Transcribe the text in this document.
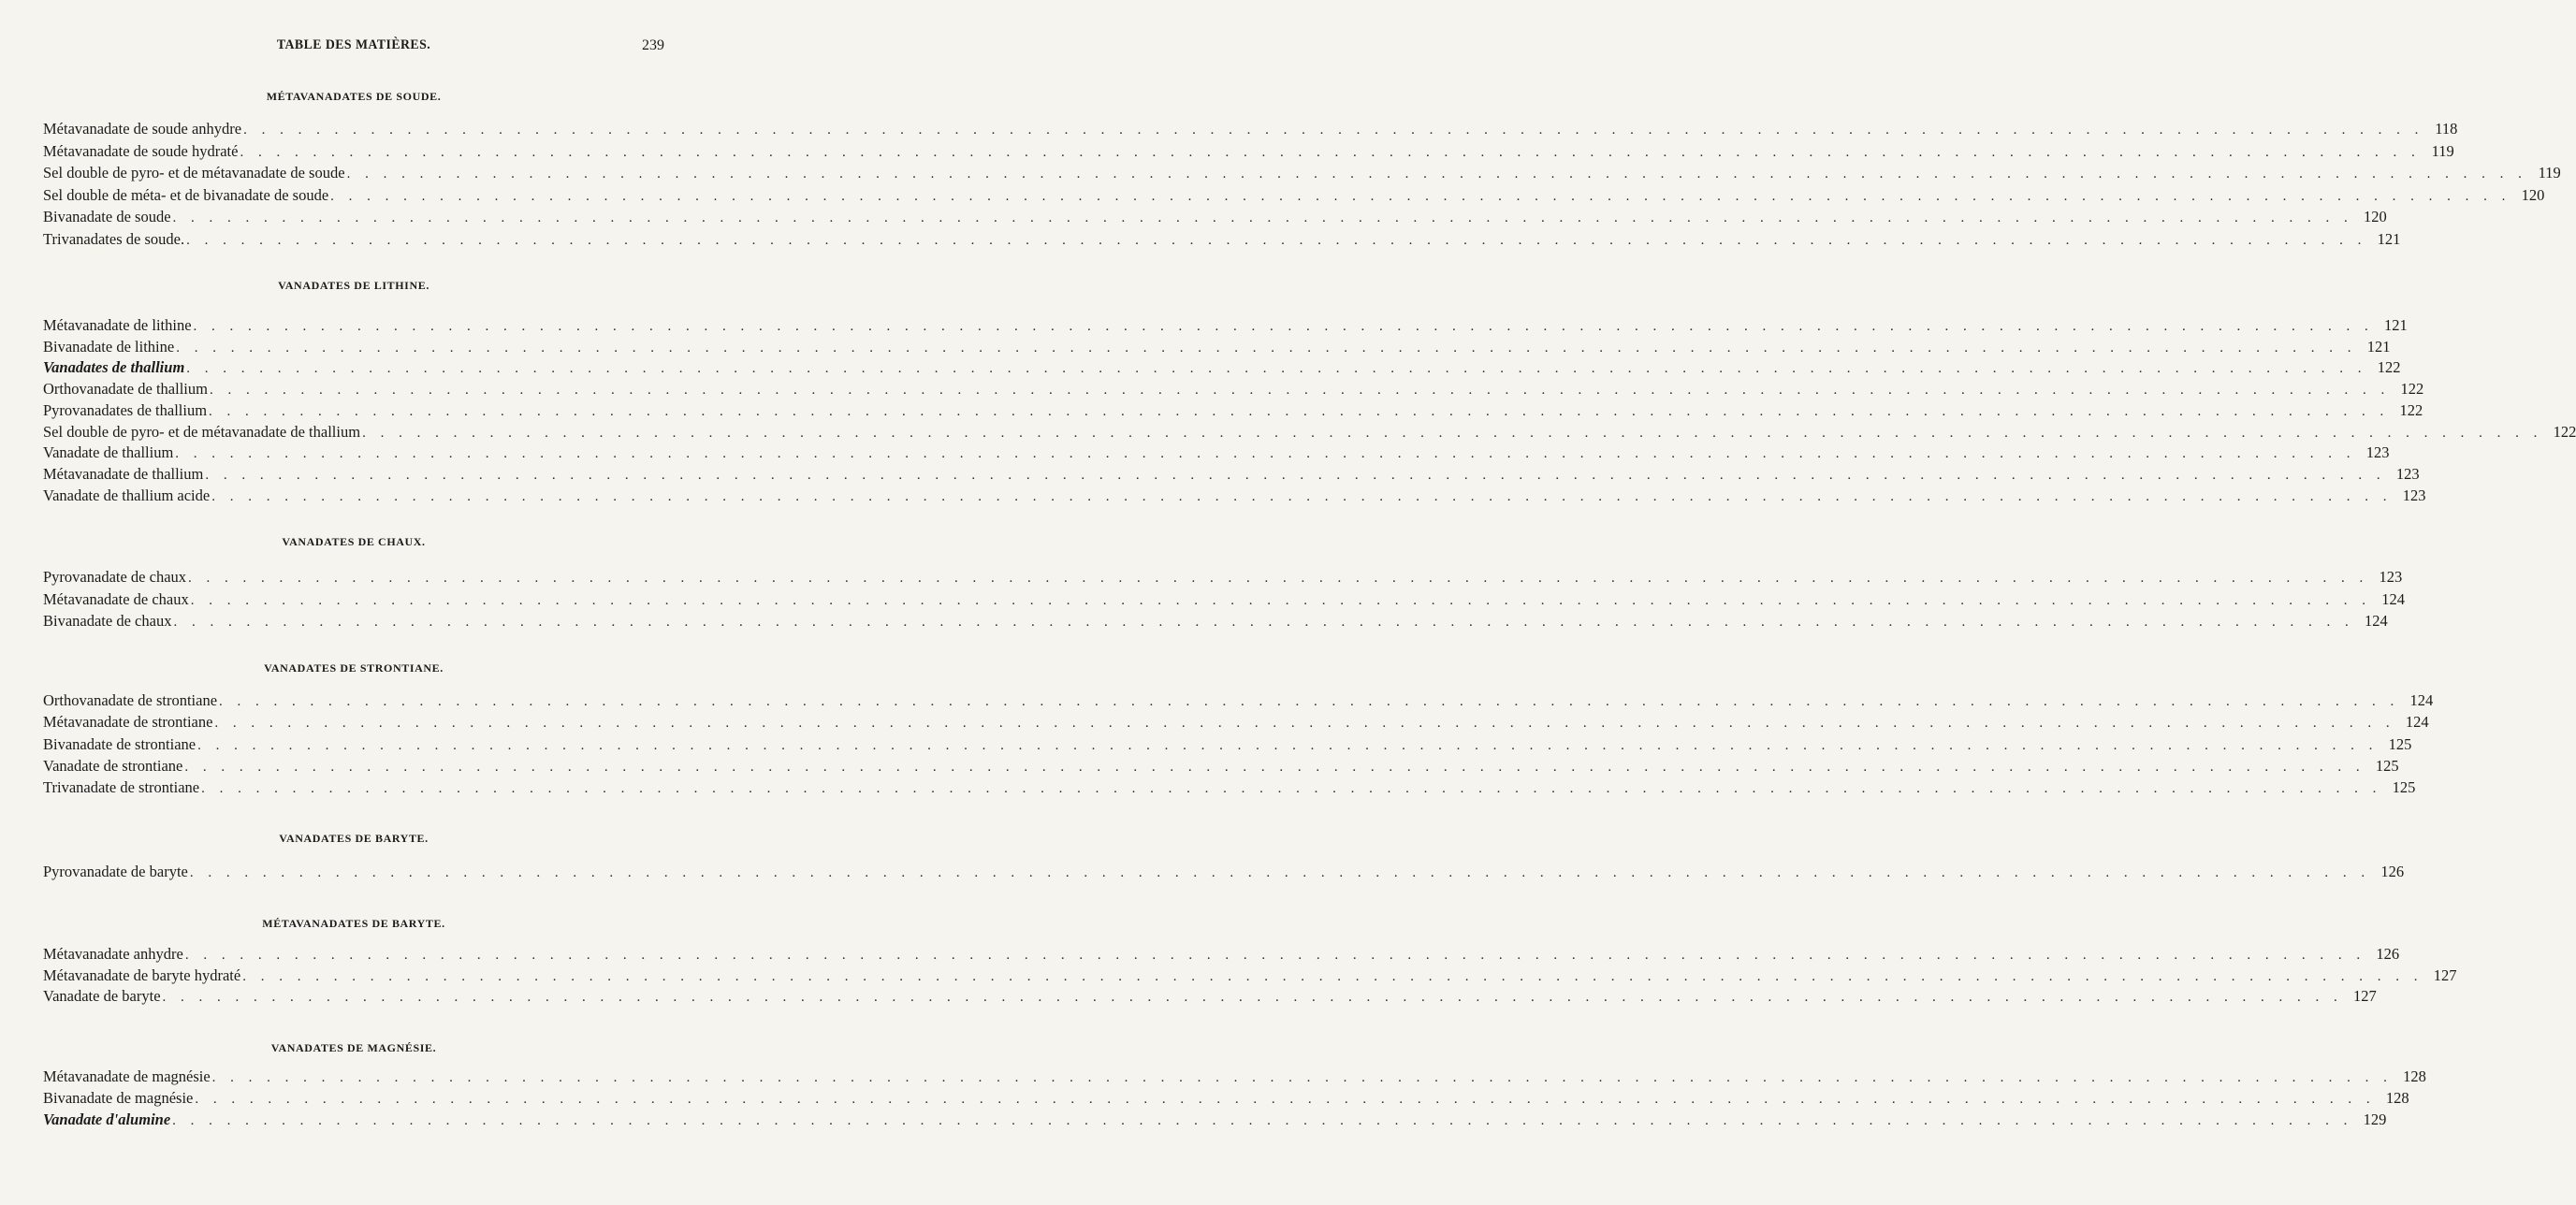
TABLE DES MATIÈRES.	239
MÉTAVANADATES DE SOUDE.
Métavanadate de soude anhydre . . . . . . . . . . . . . . . . . . . . . . . . . . . . . . . . . . . . . . . . . . . . . . . . . . . . . . . . . . . . . . . . . . . . . . . . . . . . . . . . . . . . . . . . . . . . . . . . . . . . . . . . . . . . . . . . . . . . . . . . 118
Métavanadate de soude hydraté . . . . . . . . . . . . . . . . . . . . . . . . . . . . . . . . . . . . . . . . . . . . . . . . . . . . . . . . . . . . . . . . . . . . . . . . . . . . . . . . . . . . . . . . . . . . . . . . . . . . . . . . . . . . . . . . . . . . . . . . 119
Sel double de pyro- et de métavanadate de soude . . . . . . . . . . . . . . . . . . . . . . . . . . . . . . . . . . . . . . . . . . . . . . . . . . . . . . . . . . . . . . . . . . . . . . . . . . . . . . . . . . . . . . . . . . . . . . . . . . . . . . . . . . . . . . . . . . . . . . . . 119
Sel double de méta- et de bivanadate de soude . . . . . . . . . . . . . . . . . . . . . . . . . . . . . . . . . . . . . . . . . . . . . . . . . . . . . . . . . . . . . . . . . . . . . . . . . . . . . . . . . . . . . . . . . . . . . . . . . . . . . . . . . . . . . . . . . . . . . . . . 120
Bivanadate de soude . . . . . . . . . . . . . . . . . . . . . . . . . . . . . . . . . . . . . . . . . . . . . . . . . . . . . . . . . . . . . . . . . . . . . . . . . . . . . . . . . . . . . . . . . . . . . . . . . . . . . . . . . . . . . . . . . . . . . . . . 120
Trivanadates de soude. . . . . . . . . . . . . . . . . . . . . . . . . . . . . . . . . . . . . . . . . . . . . . . . . . . . . . . . . . . . . . . . . . . . . . . . . . . . . . . . . . . . . . . . . . . . . . . . . . . . . . . . . . . . . . . . . . . . . . . . . 121
VANADATES DE LITHINE.
Métavanadate de lithine . . . . . . . . . . . . . . . . . . . . . . . . . . . . . . . . . . . . . . . . . . . . . . . . . . . . . . . . . . . . . . . . . . . . . . . . . . . . . . . . . . . . . . . . . . . . . . . . . . . . . . . . . . . . . . . . . . . . . . . . 121
Bivanadate de lithine . . . . . . . . . . . . . . . . . . . . . . . . . . . . . . . . . . . . . . . . . . . . . . . . . . . . . . . . . . . . . . . . . . . . . . . . . . . . . . . . . . . . . . . . . . . . . . . . . . . . . . . . . . . . . . . . . . . . . . . . 121
Vanadates de thallium . . . . . . . . . . . . . . . . . . . . . . . . . . . . . . . . . . . . . . . . . . . . . . . . . . . . . . . . . . . . . . . . . . . . . . . . . . . . . . . . . . . . . . . . . . . . . . . . . . . . . . . . . . . . . . . . . . . . . . . . 122
Orthovanadate de thallium . . . . . . . . . . . . . . . . . . . . . . . . . . . . . . . . . . . . . . . . . . . . . . . . . . . . . . . . . . . . . . . . . . . . . . . . . . . . . . . . . . . . . . . . . . . . . . . . . . . . . . . . . . . . . . . . . . . . . . . . 122
Pyrovanadates de thallium . . . . . . . . . . . . . . . . . . . . . . . . . . . . . . . . . . . . . . . . . . . . . . . . . . . . . . . . . . . . . . . . . . . . . . . . . . . . . . . . . . . . . . . . . . . . . . . . . . . . . . . . . . . . . . . . . . . . . . . . 122
Sel double de pyro- et de métavanadate de thallium . . . . . . . . . . . . . . . . . . . . . . . . . . . . . . . . . . . . . . . . . . . . . . . . . . . . . . . . . . . . . . . . . . . . . . . . . . . . . . . . . . . . . . . . . . . . . . . . . . . . . . . . . . . . . . . . . . . . . . . . 122
Vanadate de thallium . . . . . . . . . . . . . . . . . . . . . . . . . . . . . . . . . . . . . . . . . . . . . . . . . . . . . . . . . . . . . . . . . . . . . . . . . . . . . . . . . . . . . . . . . . . . . . . . . . . . . . . . . . . . . . . . . . . . . . . . 123
Métavanadate de thallium . . . . . . . . . . . . . . . . . . . . . . . . . . . . . . . . . . . . . . . . . . . . . . . . . . . . . . . . . . . . . . . . . . . . . . . . . . . . . . . . . . . . . . . . . . . . . . . . . . . . . . . . . . . . . . . . . . . . . . . . 123
Vanadate de thallium acide . . . . . . . . . . . . . . . . . . . . . . . . . . . . . . . . . . . . . . . . . . . . . . . . . . . . . . . . . . . . . . . . . . . . . . . . . . . . . . . . . . . . . . . . . . . . . . . . . . . . . . . . . . . . . . . . . . . . . . . . 123
VANADATES DE CHAUX.
Pyrovanadate de chaux . . . . . . . . . . . . . . . . . . . . . . . . . . . . . . . . . . . . . . . . . . . . . . . . . . . . . . . . . . . . . . . . . . . . . . . . . . . . . . . . . . . . . . . . . . . . . . . . . . . . . . . . . . . . . . . . . . . . . . . . 123
Métavanadate de chaux . . . . . . . . . . . . . . . . . . . . . . . . . . . . . . . . . . . . . . . . . . . . . . . . . . . . . . . . . . . . . . . . . . . . . . . . . . . . . . . . . . . . . . . . . . . . . . . . . . . . . . . . . . . . . . . . . . . . . . . . 124
Bivanadate de chaux . . . . . . . . . . . . . . . . . . . . . . . . . . . . . . . . . . . . . . . . . . . . . . . . . . . . . . . . . . . . . . . . . . . . . . . . . . . . . . . . . . . . . . . . . . . . . . . . . . . . . . . . . . . . . . . . . . . . . . . . 124
VANADATES DE STRONTIANE.
Orthovanadate de strontiane . . . . . . . . . . . . . . . . . . . . . . . . . . . . . . . . . . . . . . . . . . . . . . . . . . . . . . . . . . . . . . . . . . . . . . . . . . . . . . . . . . . . . . . . . . . . . . . . . . . . . . . . . . . . . . . . . . . . . . . . 124
Métavanadate de strontiane . . . . . . . . . . . . . . . . . . . . . . . . . . . . . . . . . . . . . . . . . . . . . . . . . . . . . . . . . . . . . . . . . . . . . . . . . . . . . . . . . . . . . . . . . . . . . . . . . . . . . . . . . . . . . . . . . . . . . . . . 124
Bivanadate de strontiane . . . . . . . . . . . . . . . . . . . . . . . . . . . . . . . . . . . . . . . . . . . . . . . . . . . . . . . . . . . . . . . . . . . . . . . . . . . . . . . . . . . . . . . . . . . . . . . . . . . . . . . . . . . . . . . . . . . . . . . . 125
Vanadate de strontiane . . . . . . . . . . . . . . . . . . . . . . . . . . . . . . . . . . . . . . . . . . . . . . . . . . . . . . . . . . . . . . . . . . . . . . . . . . . . . . . . . . . . . . . . . . . . . . . . . . . . . . . . . . . . . . . . . . . . . . . . 125
Trivanadate de strontiane . . . . . . . . . . . . . . . . . . . . . . . . . . . . . . . . . . . . . . . . . . . . . . . . . . . . . . . . . . . . . . . . . . . . . . . . . . . . . . . . . . . . . . . . . . . . . . . . . . . . . . . . . . . . . . . . . . . . . . . . 125
VANADATES DE BARYTE.
Pyrovanadate de baryte . . . . . . . . . . . . . . . . . . . . . . . . . . . . . . . . . . . . . . . . . . . . . . . . . . . . . . . . . . . . . . . . . . . . . . . . . . . . . . . . . . . . . . . . . . . . . . . . . . . . . . . . . . . . . . . . . . . . . . . . 126
MÉTAVANADATES DE BARYTE.
Métavanadate anhydre . . . . . . . . . . . . . . . . . . . . . . . . . . . . . . . . . . . . . . . . . . . . . . . . . . . . . . . . . . . . . . . . . . . . . . . . . . . . . . . . . . . . . . . . . . . . . . . . . . . . . . . . . . . . . . . . . . . . . . . . 126
Métavanadate de baryte hydraté . . . . . . . . . . . . . . . . . . . . . . . . . . . . . . . . . . . . . . . . . . . . . . . . . . . . . . . . . . . . . . . . . . . . . . . . . . . . . . . . . . . . . . . . . . . . . . . . . . . . . . . . . . . . . . . . . . . . . . . . 127
Vanadate de baryte . . . . . . . . . . . . . . . . . . . . . . . . . . . . . . . . . . . . . . . . . . . . . . . . . . . . . . . . . . . . . . . . . . . . . . . . . . . . . . . . . . . . . . . . . . . . . . . . . . . . . . . . . . . . . . . . . . . . . . . . 127
VANADATES DE MAGNÉSIE.
Métavanadate de magnésie . . . . . . . . . . . . . . . . . . . . . . . . . . . . . . . . . . . . . . . . . . . . . . . . . . . . . . . . . . . . . . . . . . . . . . . . . . . . . . . . . . . . . . . . . . . . . . . . . . . . . . . . . . . . . . . . . . . . . . . . 128
Bivanadate de magnésie . . . . . . . . . . . . . . . . . . . . . . . . . . . . . . . . . . . . . . . . . . . . . . . . . . . . . . . . . . . . . . . . . . . . . . . . . . . . . . . . . . . . . . . . . . . . . . . . . . . . . . . . . . . . . . . . . . . . . . . . 128
Vanadate d'alumine . . . . . . . . . . . . . . . . . . . . . . . . . . . . . . . . . . . . . . . . . . . . . . . . . . . . . . . . . . . . . . . . . . . . . . . . . . . . . . . . . . . . . . . . . . . . . . . . . . . . . . . . . . . . . . . . . . . . . . . . 129
